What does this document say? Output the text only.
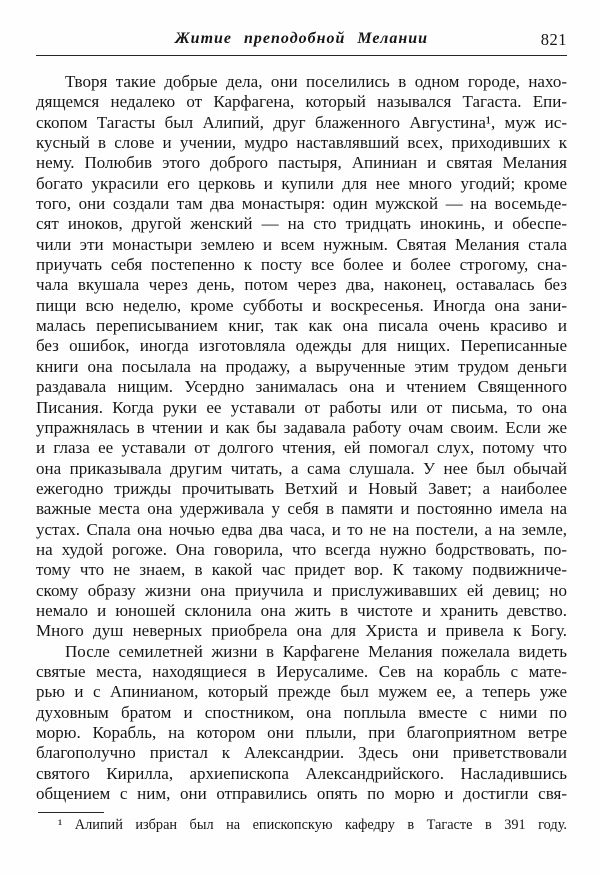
Житие преподобной Мелании	821
Творя такие добрые дела, они поселились в одном городе, нахо-
дящемся недалеко от Карфагена, который назывался Тагаста. Епи-
скопом Тагасты был Алипий, друг блаженного Августина¹, муж ис-
кусный в слове и учении, мудро наставлявший всех, приходивших к
нему. Полюбив этого доброго пастыря, Апиниан и святая Мелания
богато украсили его церковь и купили для нее много угодий; кроме
того, они создали там два монастыря: один мужской — на восемьде-
сят иноков, другой женский — на сто тридцать инокинь, и обеспе-
чили эти монастыри землею и всем нужным. Святая Мелания стала
приучать себя постепенно к посту все более и более строгому, сна-
чала вкушала через день, потом через два, наконец, оставалась без
пищи всю неделю, кроме субботы и воскресенья. Иногда она зани-
малась переписыванием книг, так как она писала очень красиво и
без ошибок, иногда изготовляла одежды для нищих. Переписанные
книги она посылала на продажу, а вырученные этим трудом деньги
раздавала нищим. Усердно занималась она и чтением Священного
Писания. Когда руки ее уставали от работы или от письма, то она
упражнялась в чтении и как бы задавала работу очам своим. Если же
и глаза ее уставали от долгого чтения, ей помогал слух, потому что
она приказывала другим читать, а сама слушала. У нее был обычай
ежегодно трижды прочитывать Ветхий и Новый Завет; а наиболее
важные места она удерживала у себя в памяти и постоянно имела на
устах. Спала она ночью едва два часа, и то не на постели, а на земле,
на худой рогоже. Она говорила, что всегда нужно бодрствовать, по-
тому что не знаем, в какой час придет вор. К такому подвижниче-
скому образу жизни она приучила и прислуживавших ей девиц; но
немало и юношей склонила она жить в чистоте и хранить девство.
Много душ неверных приобрела она для Христа и привела к Богу.
После семилетней жизни в Карфагене Мелания пожелала видеть
святые места, находящиеся в Иерусалиме. Сев на корабль с мате-
рью и с Апинианом, который прежде был мужем ее, а теперь уже
духовным братом и спостником, она поплыла вместе с ними по
морю. Корабль, на котором они плыли, при благоприятном ветре
благополучно пристал к Александрии. Здесь они приветствовали
святого Кирилла, архиепископа Александрийского. Насладившись
общением с ним, они отправились опять по морю и достигли свя-
¹ Алипий избран был на епископскую кафедру в Тагасте в 391 году.
